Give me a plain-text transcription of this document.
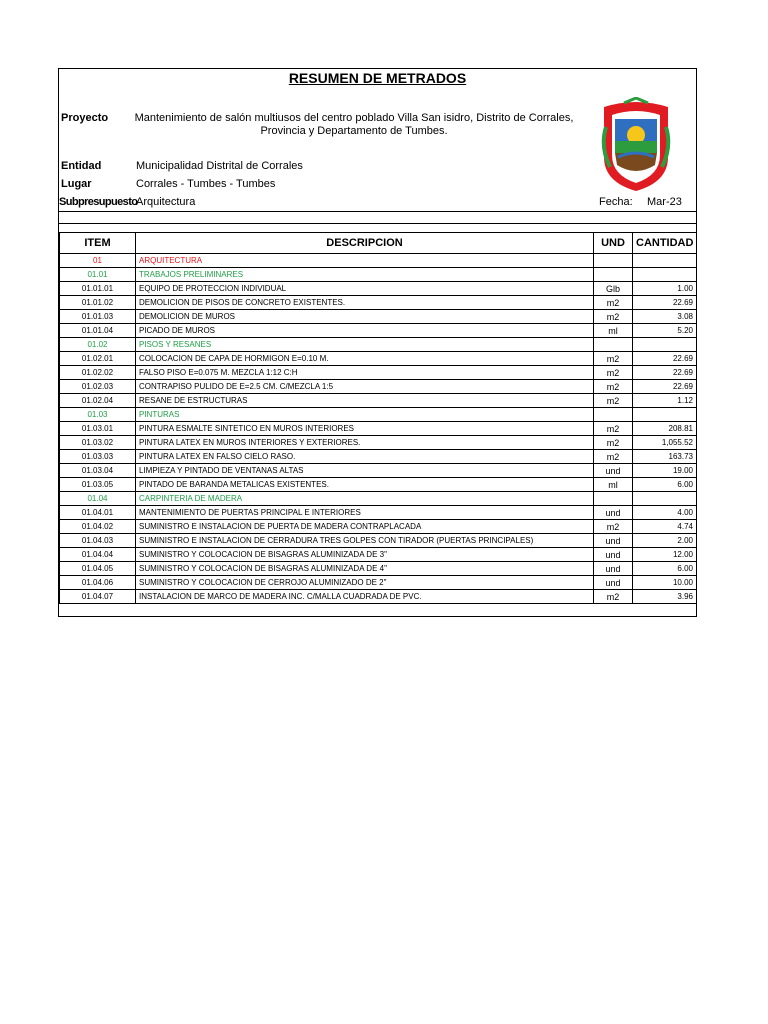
RESUMEN DE METRADOS
Proyecto	Mantenimiento de salón multiusos del centro poblado Villa San isidro, Distrito de Corrales,
Provincia y Departamento de Tumbes.
Entidad	Municipalidad Distrital de Corrales
Lugar	Corrales - Tumbes - Tumbes
Subpresupuesto
Arquitectura	Fecha: Mar-23
ITEM	DESCRIPCION	UND	CANTIDAD
01	ARQUITECTURA		
01.01	TRABAJOS PRELIMINARES		
01.01.01	EQUIPO DE PROTECCION INDIVIDUAL	Glb	1.00
01.01.02	DEMOLICION DE PISOS DE CONCRETO EXISTENTES.	m2	22.69
01.01.03	DEMOLICION DE MUROS	m2	3.08
01.01.04	PICADO DE MUROS	ml	5.20
01.02	PISOS Y RESANES		
01.02.01	COLOCACION DE CAPA DE HORMIGON E=0.10 M.	m2	22.69
01.02.02	FALSO PISO E=0.075 M. MEZCLA 1:12 C:H	m2	22.69
01.02.03	CONTRAPISO PULIDO DE E=2.5 CM. C/MEZCLA 1:5	m2	22.69
01.02.04	RESANE DE ESTRUCTURAS	m2	1.12
01.03	PINTURAS		
01.03.01	PINTURA ESMALTE SINTETICO EN MUROS INTERIORES	m2	208.81
01.03.02	PINTURA LATEX EN MUROS INTERIORES Y EXTERIORES.	m2	1,055.52
01.03.03	PINTURA LATEX EN FALSO CIELO RASO.	m2	163.73
01.03.04	LIMPIEZA Y PINTADO DE VENTANAS ALTAS	und	19.00
01.03.05	PINTADO DE BARANDA METALICAS EXISTENTES.	ml	6.00
01.04	CARPINTERIA DE MADERA		
01.04.01	MANTENIMIENTO DE PUERTAS PRINCIPAL E INTERIORES	und	4.00
01.04.02	SUMINISTRO E INSTALACION DE PUERTA DE MADERA CONTRAPLACADA	m2	4.74
01.04.03	SUMINISTRO E INSTALACION DE CERRADURA TRES GOLPES CON TIRADOR (PUERTAS PRINCIPALES)	und	2.00
01.04.04	SUMINISTRO Y COLOCACION DE BISAGRAS ALUMINIZADA DE 3"	und	12.00
01.04.05	SUMINISTRO Y COLOCACION DE BISAGRAS ALUMINIZADA DE 4"	und	6.00
01.04.06	SUMINISTRO Y COLOCACION DE CERROJO ALUMINIZADO DE 2"	und	10.00
01.04.07	INSTALACION DE MARCO DE MADERA INC. C/MALLA CUADRADA DE PVC.	m2	3.96
